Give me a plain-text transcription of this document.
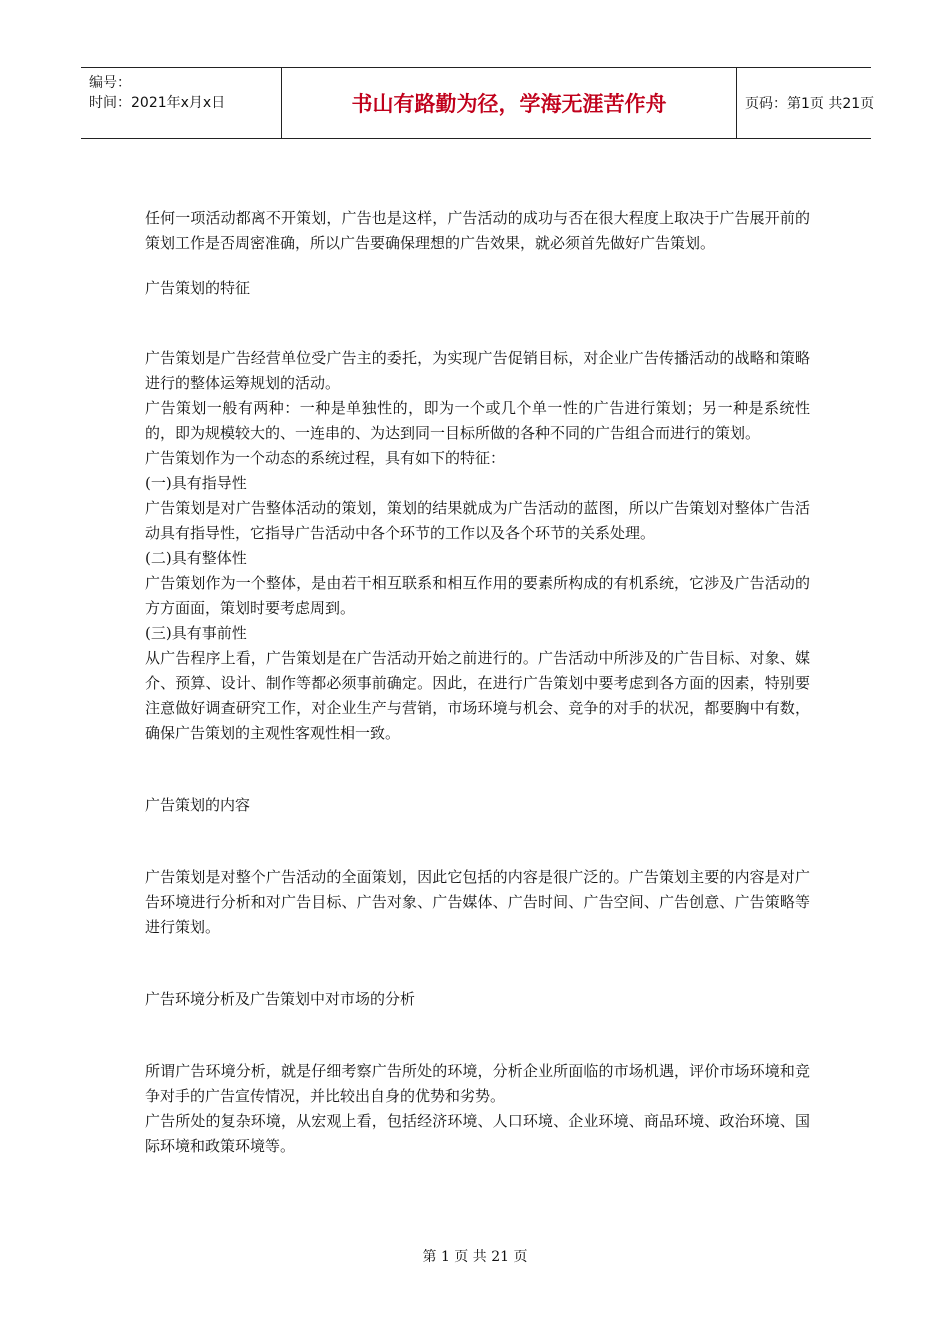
编号：
时间：2021年x月x日	书山有路勤为径，学海无涯苦作舟	页码：第1页 共21页

任何一项活动都离不开策划，广告也是这样，广告活动的成功与否在很大程度上取决于广告展开前的策划工作是否周密准确，所以广告要确保理想的广告效果，就必须首先做好广告策划。

广告策划的特征

广告策划是广告经营单位受广告主的委托，为实现广告促销目标，对企业广告传播活动的战略和策略进行的整体运筹规划的活动。

广告策划一般有两种：一种是单独性的，即为一个或几个单一性的广告进行策划；另一种是系统性的，即为规模较大的、一连串的、为达到同一目标所做的各种不同的广告组合而进行的策划。

广告策划作为一个动态的系统过程，具有如下的特征：

(一)具有指导性

广告策划是对广告整体活动的策划，策划的结果就成为广告活动的蓝图，所以广告策划对整体广告活动具有指导性，它指导广告活动中各个环节的工作以及各个环节的关系处理。

(二)具有整体性

广告策划作为一个整体，是由若干相互联系和相互作用的要素所构成的有机系统，它涉及广告活动的方方面面，策划时要考虑周到。

(三)具有事前性

从广告程序上看，广告策划是在广告活动开始之前进行的。广告活动中所涉及的广告目标、对象、媒介、预算、设计、制作等都必须事前确定。因此，在进行广告策划中要考虑到各方面的因素，特别要注意做好调查研究工作，对企业生产与营销，市场环境与机会、竞争的对手的状况，都要胸中有数，确保广告策划的主观性客观性相一致。

广告策划的内容

广告策划是对整个广告活动的全面策划，因此它包括的内容是很广泛的。广告策划主要的内容是对广告环境进行分析和对广告目标、广告对象、广告媒体、广告时间、广告空间、广告创意、广告策略等进行策划。

广告环境分析及广告策划中对市场的分析

所谓广告环境分析，就是仔细考察广告所处的环境，分析企业所面临的市场机遇，评价市场环境和竞争对手的广告宣传情况，并比较出自身的优势和劣势。

广告所处的复杂环境，从宏观上看，包括经济环境、人口环境、企业环境、商品环境、政治环境、国际环境和政策环境等。

第 1 页 共 21 页
